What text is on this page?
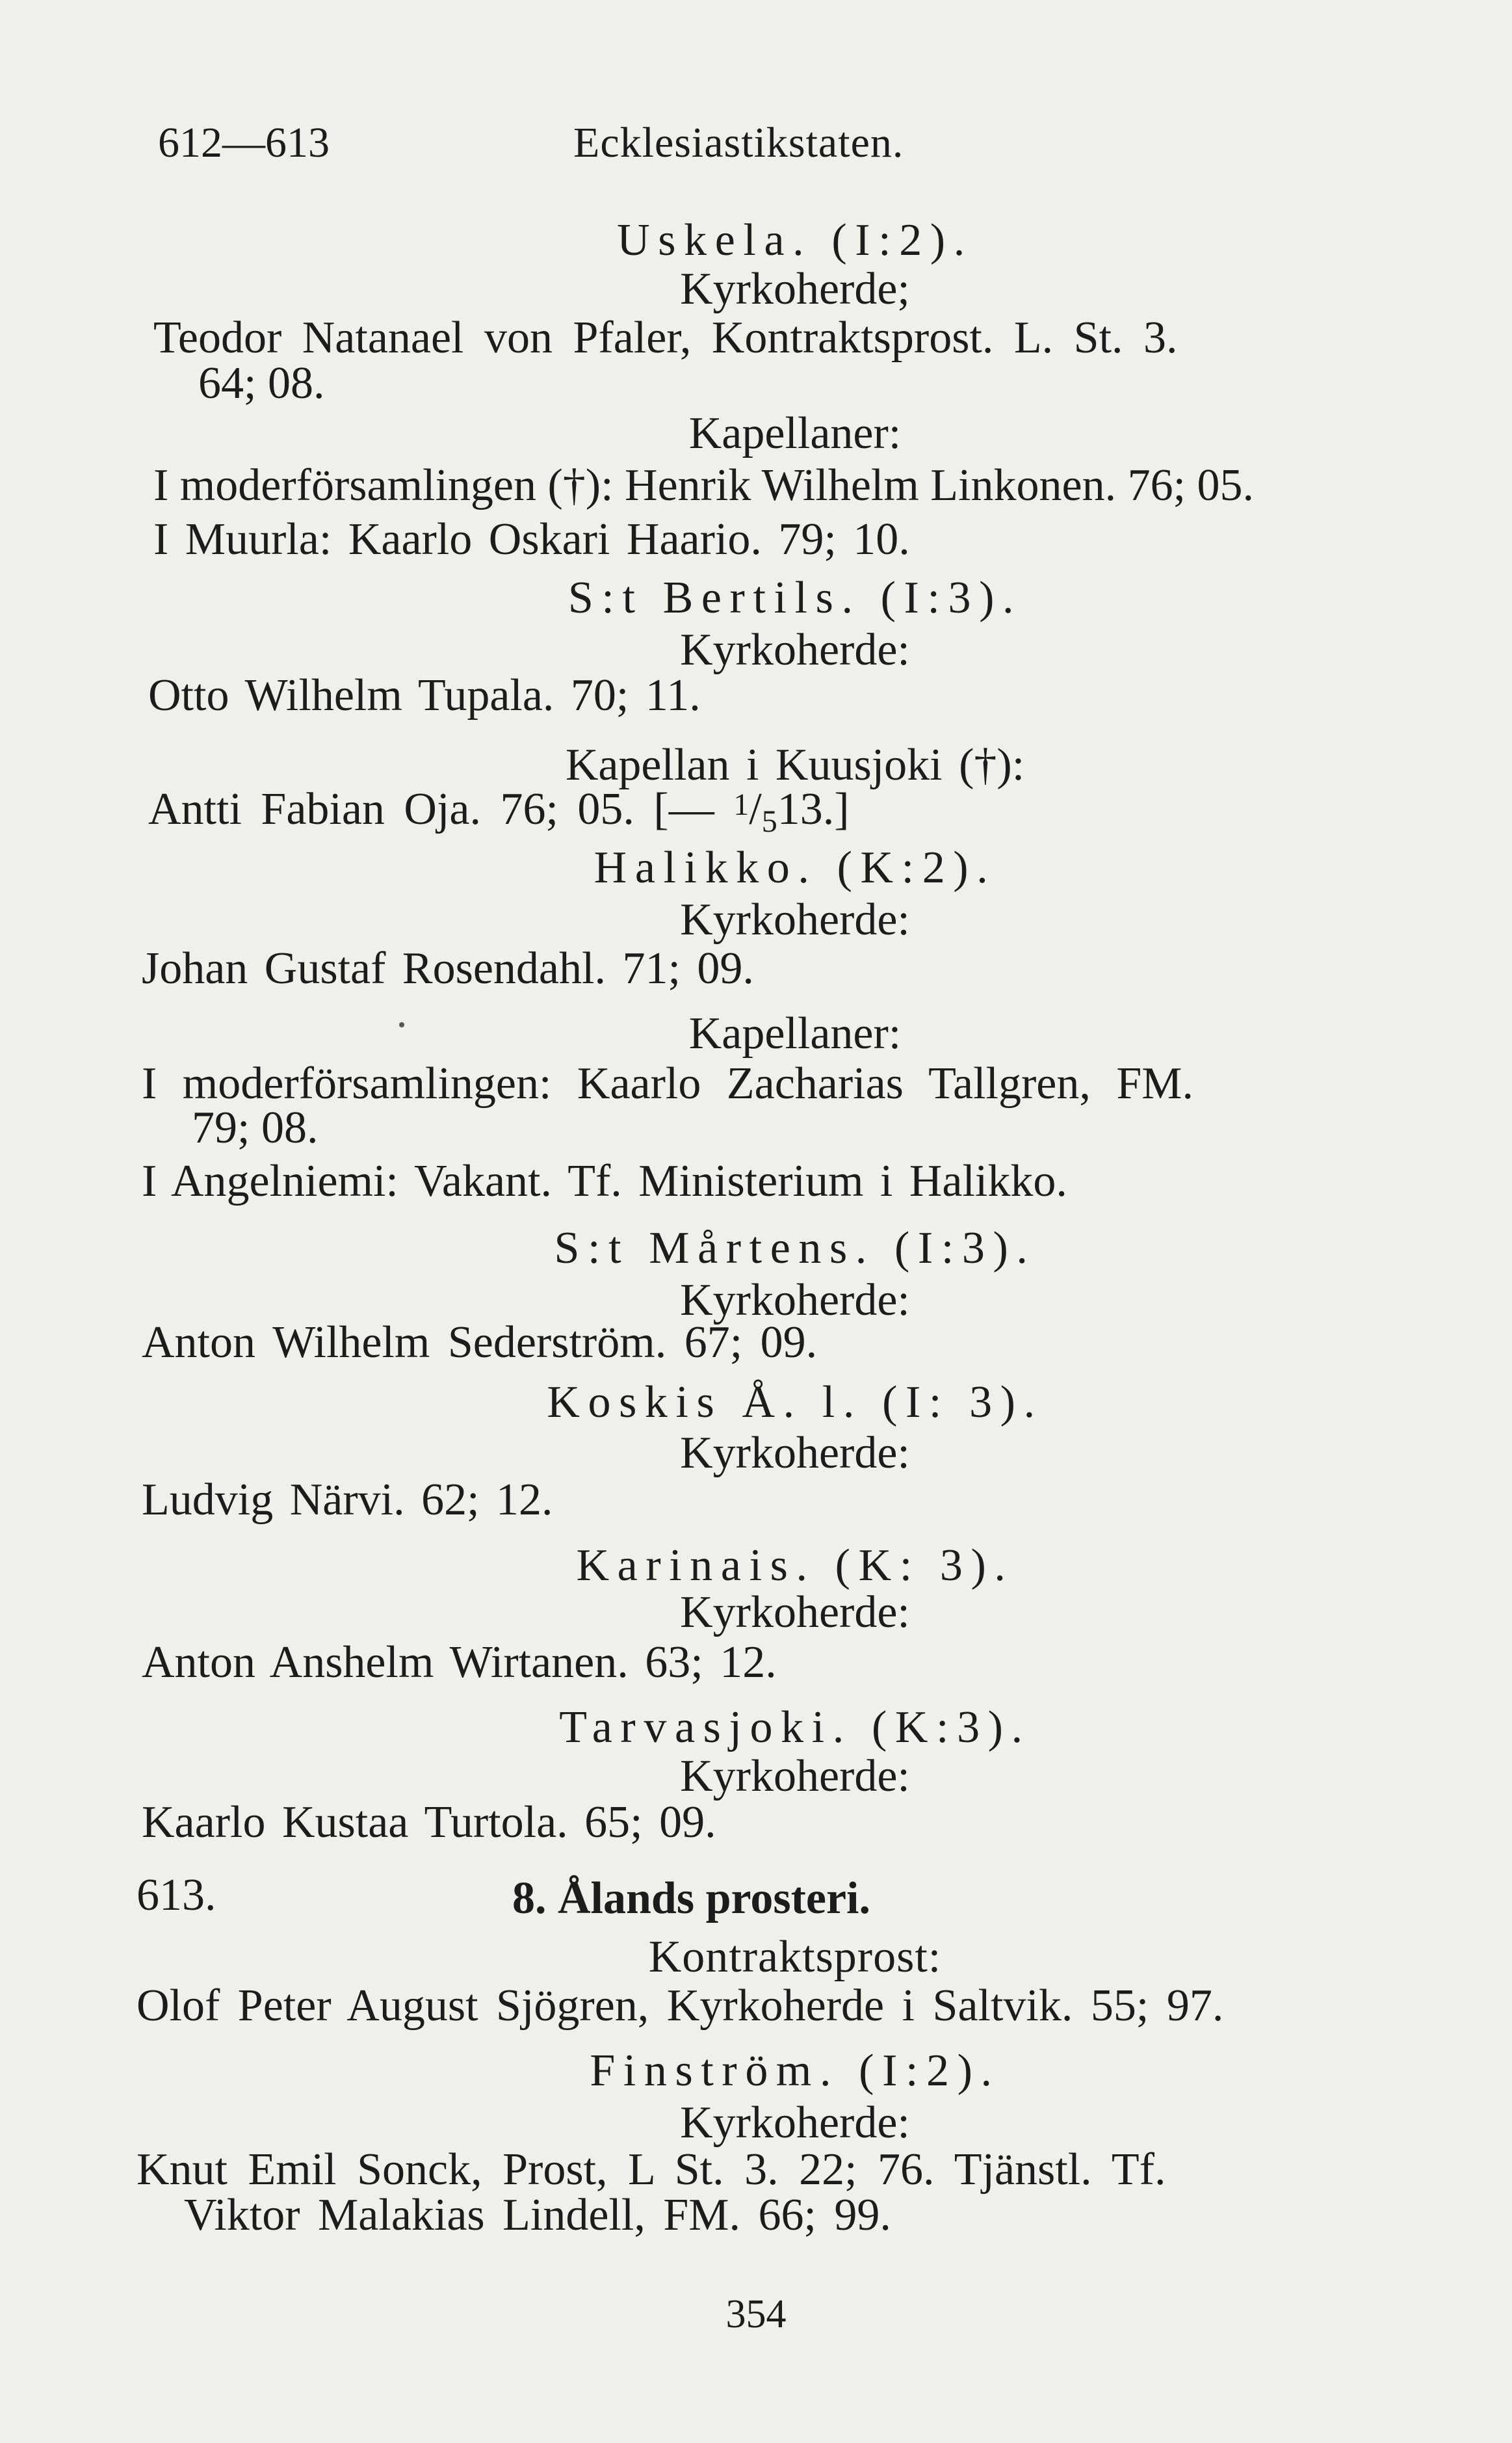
612—613	Ecklesiastikstaten.
Uskela. (I:2).
Kyrkoherde;
Teodor Natanael von Pfaler, Kontraktsprost. L. St. 3.
64; 08.
Kapellaner:
I moderförsamlingen (†): Henrik Wilhelm Linkonen. 76; 05.
I Muurla: Kaarlo Oskari Haario. 79; 10.
S:t Bertils. (I:3).
Kyrkoherde:
Otto Wilhelm Tupala. 70; 11.
Kapellan i Kuusjoki (†):
Antti Fabian Oja. 76; 05. [— $^1$/513.]
Halikko. (K:2).
Kyrkoherde:
Johan Gustaf Rosendahl. 71; 09.
Kapellaner:
I moderförsamlingen: Kaarlo Zacharias Tallgren, FM.
79; 08.
I Angelniemi: Vakant. Tf. Ministerium i Halikko.
S:t Mårtens. (I:3).
Kyrkoherde:
Anton Wilhelm Sederström. 67; 09.
Koskis Å. l. (I: 3).
Kyrkoherde:
Ludvig Närvi. 62; 12.
Karinais. (K: 3).
Kyrkoherde:
Anton Anshelm Wirtanen. 63; 12.
Tarvasjoki. (K:3).
Kyrkoherde:
Kaarlo Kustaa Turtola. 65; 09.
613.	8. Ålands prosteri.
Kontraktsprost:
Olof Peter August Sjögren, Kyrkoherde i Saltvik. 55; 97.
Finström. (I:2).
Kyrkoherde:
Knut Emil Sonck, Prost, L St. 3. 22; 76. Tjänstl. Tf.
Viktor Malakias Lindell, FM. 66; 99.
354
